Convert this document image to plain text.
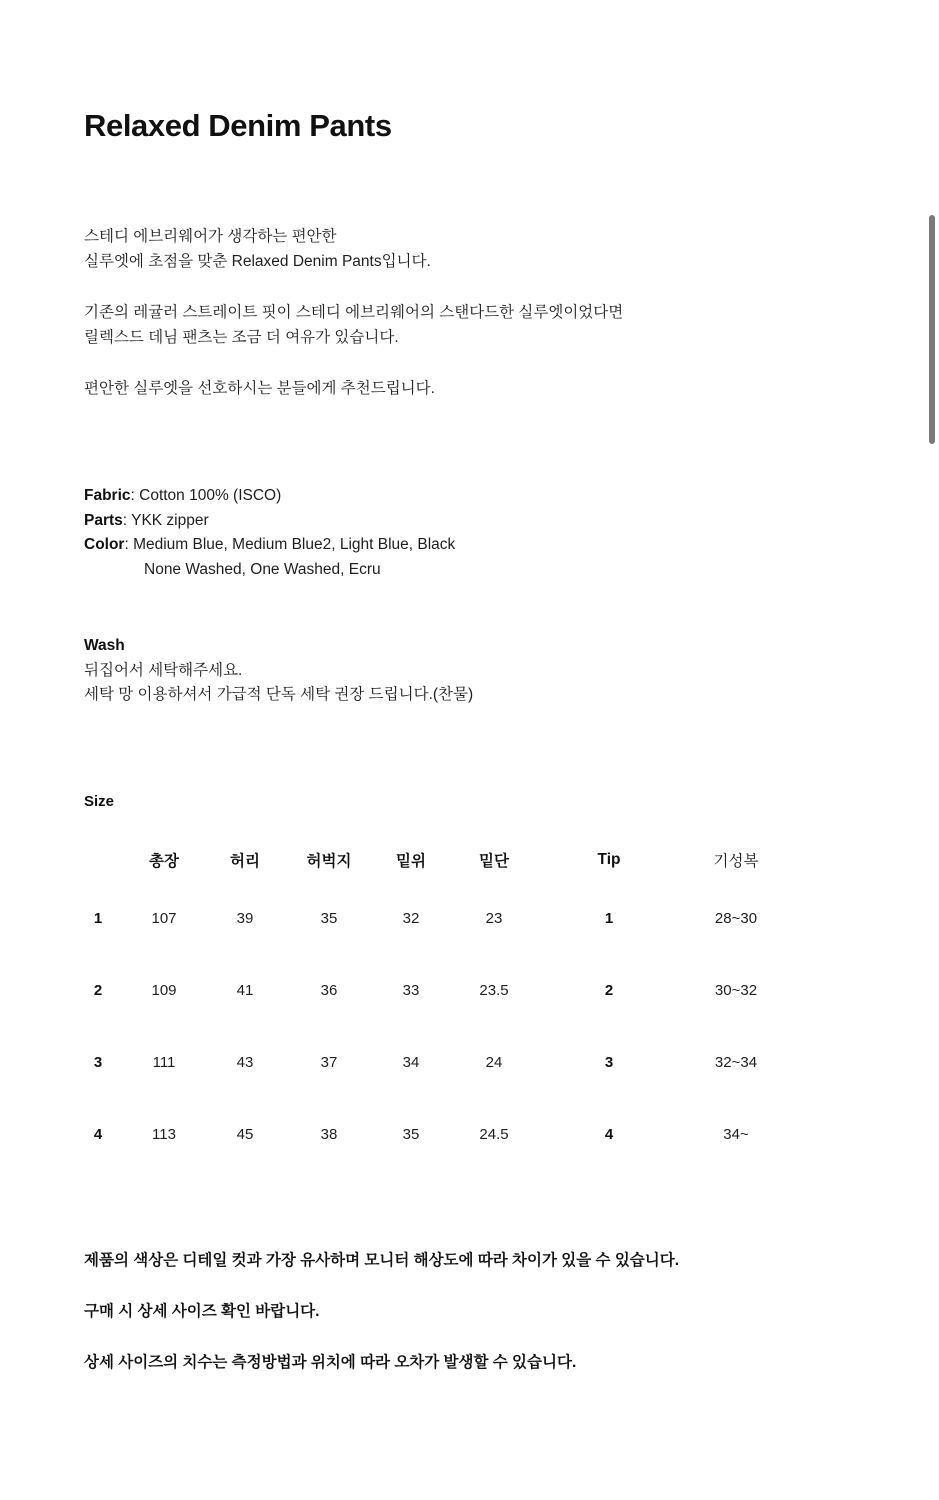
Relaxed Denim Pants

스테디 에브리웨어가 생각하는 편안한
실루엣에 초점을 맞춘 Relaxed Denim Pants입니다.

기존의 레귤러 스트레이트 핏이 스테디 에브리웨어의 스탠다드한 실루엣이었다면
릴렉스드 데님 팬츠는 조금 더 여유가 있습니다.

편안한 실루엣을 선호하시는 분들에게 추천드립니다.

Fabric: Cotton 100% (ISCO)
Parts: YKK zipper
Color: Medium Blue, Medium Blue2, Light Blue, Black
None Washed, One Washed, Ecru
Wash
뒤집어서 세탁해주세요.
세탁 망 이용하셔서 가급적 단독 세탁 권장 드립니다.(찬물)
Size
	총장	허리	허벅지	밑위	밑단	Tip	기성복
1	107	39	35	32	23	1	28~30
2	109	41	36	33	23.5	2	30~32
3	111	43	37	34	24	3	32~34
4	113	45	38	35	24.5	4	34~

제품의 색상은 디테일 컷과 가장 유사하며 모니터 해상도에 따라 차이가 있을 수 있습니다.

구매 시 상세 사이즈 확인 바랍니다.

상세 사이즈의 치수는 측정방법과 위치에 따라 오차가 발생할 수 있습니다.
